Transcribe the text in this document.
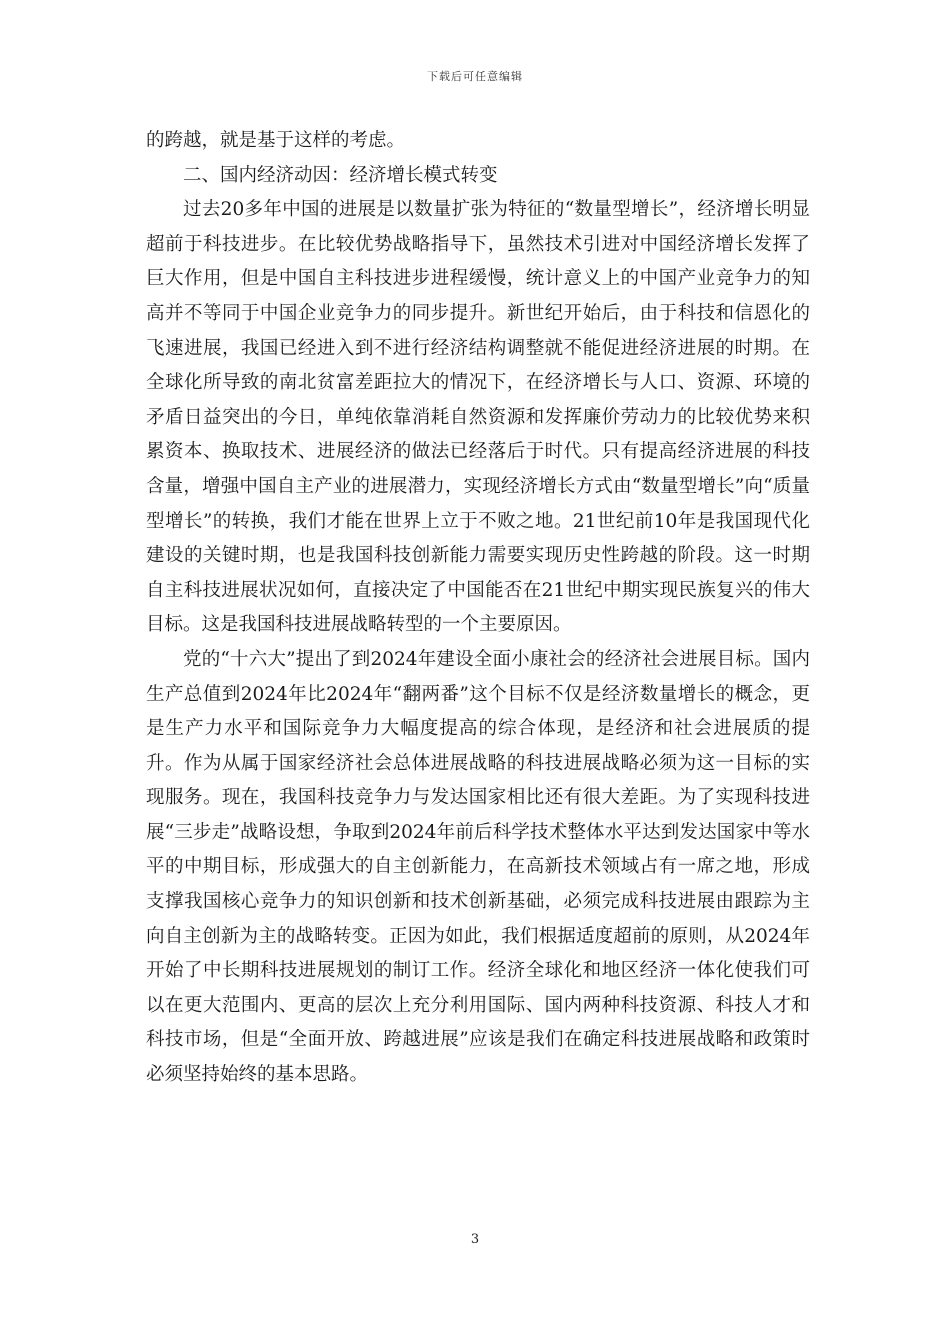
下载后可任意编辑

的跨越，就是基于这样的考虑。

二、国内经济动因：经济增长模式转变

过去20多年中国的进展是以数量扩张为特征的“数量型增长”，经济增长明显超前于科技进步。在比较优势战略指导下，虽然技术引进对中国经济增长发挥了巨大作用，但是中国自主科技进步进程缓慢，统计意义上的中国产业竞争力的知高并不等同于中国企业竞争力的同步提升。新世纪开始后，由于科技和信恩化的飞速进展，我国已经进入到不进行经济结构调整就不能促进经济进展的时期。在全球化所导致的南北贫富差距拉大的情况下，在经济增长与人口、资源、环境的矛盾日益突出的今日，单纯依靠消耗自然资源和发挥廉价劳动力的比较优势来积累资本、换取技术、进展经济的做法已经落后于时代。只有提高经济进展的科技含量，增强中国自主产业的进展潜力，实现经济增长方式由“数量型增长”向“质量型增长”的转换，我们才能在世界上立于不败之地。21世纪前10年是我国现代化建设的关键时期，也是我国科技创新能力需要实现历史性跨越的阶段。这一时期自主科技进展状况如何，直接决定了中国能否在21世纪中期实现民族复兴的伟大目标。这是我国科技进展战略转型的一个主要原因。

党的“十六大”提出了到2024年建设全面小康社会的经济社会进展目标。国内生产总值到2024年比2024年“翻两番”这个目标不仅是经济数量增长的概念，更是生产力水平和国际竞争力大幅度提高的综合体现，是经济和社会进展质的提升。作为从属于国家经济社会总体进展战略的科技进展战略必须为这一目标的实现服务。现在，我国科技竞争力与发达国家相比还有很大差距。为了实现科技进展“三步走”战略设想，争取到2024年前后科学技术整体水平达到发达国家中等水平的中期目标，形成强大的自主创新能力，在高新技术领域占有一席之地，形成支撑我国核心竞争力的知识创新和技术创新基础，必须完成科技进展由跟踪为主向自主创新为主的战略转变。正因为如此，我们根据适度超前的原则，从2024年开始了中长期科技进展规划的制订工作。经济全球化和地区经济一体化使我们可以在更大范围内、更高的层次上充分利用国际、国内两种科技资源、科技人才和科技市场，但是“全面开放、跨越进展”应该是我们在确定科技进展战略和政策时必须坚持始终的基本思路。

3
